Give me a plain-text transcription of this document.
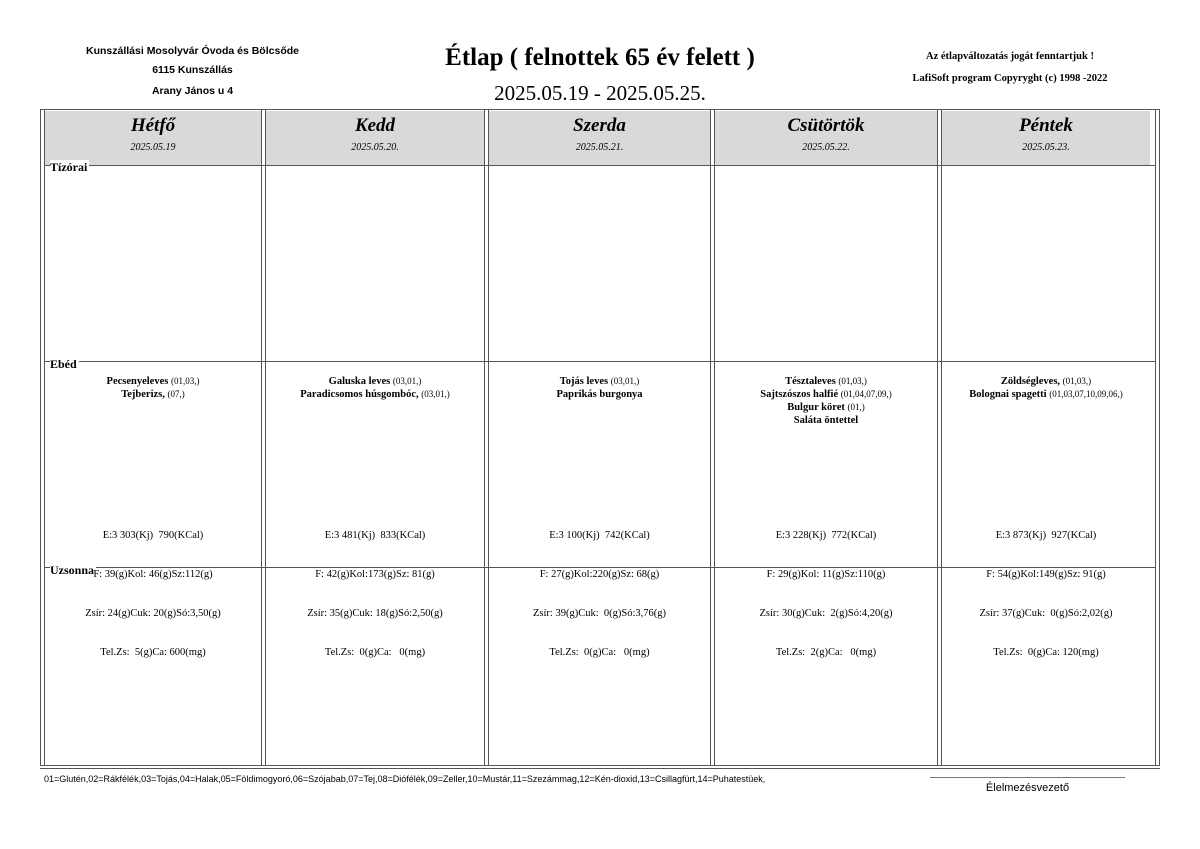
Kunszállási Mosolyvár Óvoda és Bölcsőde
6115 Kunszállás
Arany János u 4
Étlap ( felnottek 65 év felett )
2025.05.19 - 2025.05.25.
Az étlapváltozatás jogát fenntartjuk !
LafiSoft program Copyryght (c) 1998 -2022
Hétfő
2025.05.19
Kedd
2025.05.20.
Szerda
2025.05.21.
Csütörtök
2025.05.22.
Péntek
2025.05.23.
Tízórai
Ebéd
Uzsonna
Pecsenyeleves (01,03,)
Tejberizs, (07,)
Galuska leves (03,01,)
Paradicsomos húsgombóc, (03,01,)
Tojás leves (03,01,)
Paprikás burgonya
Tésztaleves (01,03,)
Sajtszószos halfié (01,04,07,09,)
Bulgur köret (01,)
Saláta öntettel
Zöldségleves, (01,03,)
Bolognai spagetti (01,03,07,10,09,06,)

E:3 303(Kj)  790(KCal)

F: 39(g)Kol: 46(g)Sz:112(g)

Zsír: 24(g)Cuk: 20(g)Só:3,50(g)

Tel.Zs:  5(g)Ca: 600(mg)

E:3 481(Kj)  833(KCal)

F: 42(g)Kol:173(g)Sz: 81(g)

Zsír: 35(g)Cuk: 18(g)Só:2,50(g)

Tel.Zs:  0(g)Ca:   0(mg)

E:3 100(Kj)  742(KCal)

F: 27(g)Kol:220(g)Sz: 68(g)

Zsír: 39(g)Cuk:  0(g)Só:3,76(g)

Tel.Zs:  0(g)Ca:   0(mg)

E:3 228(Kj)  772(KCal)

F: 29(g)Kol: 11(g)Sz:110(g)

Zsír: 30(g)Cuk:  2(g)Só:4,20(g)

Tel.Zs:  2(g)Ca:   0(mg)

E:3 873(Kj)  927(KCal)

F: 54(g)Kol:149(g)Sz: 91(g)

Zsír: 37(g)Cuk:  0(g)Só:2,02(g)

Tel.Zs:  0(g)Ca: 120(mg)

01=Glutén,02=Rákfélék,03=Tojás,04=Halak,05=Földimogyoró,06=Szójabab,07=Tej,08=Diófélék,09=Zeller,10=Mustár,11=Szezámmag,12=Kén-dioxid,13=Csillagfürt,14=Puhatestüek,
Élelmezésvezető
